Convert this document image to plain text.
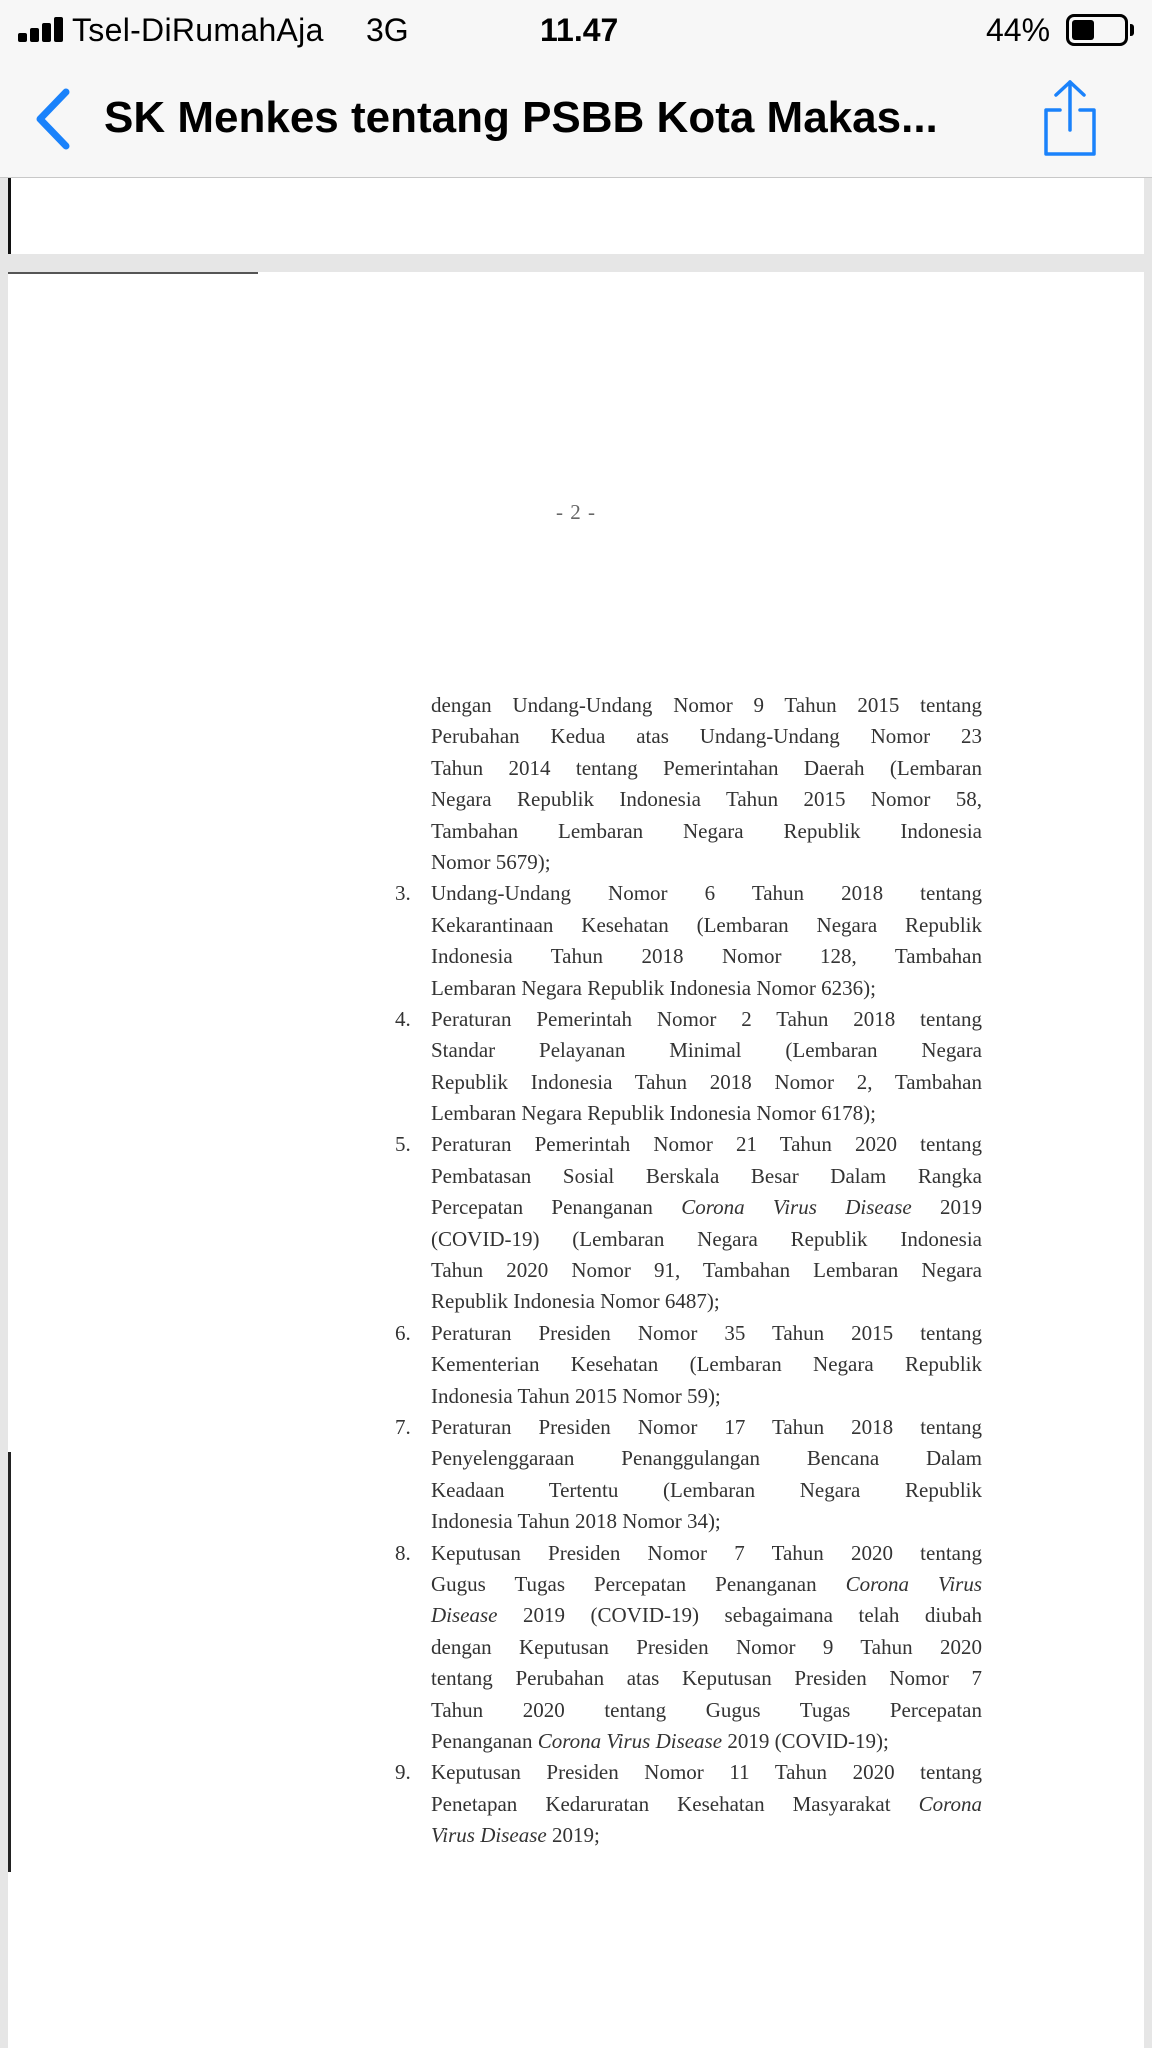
Tsel-DiRumahAja 3G	11.47	44%
SK Menkes tentang PSBB Kota Makas...
- 2 -
dengan Undang-Undang Nomor 9 Tahun 2015 tentang
Perubahan Kedua atas Undang-Undang Nomor 23
Tahun 2014 tentang Pemerintahan Daerah (Lembaran
Negara Republik Indonesia Tahun 2015 Nomor 58,
Tambahan Lembaran Negara Republik Indonesia
Nomor 5679);
3. Undang-Undang Nomor 6 Tahun 2018 tentang
Kekarantinaan Kesehatan (Lembaran Negara Republik
Indonesia Tahun 2018 Nomor 128, Tambahan
Lembaran Negara Republik Indonesia Nomor 6236);
4. Peraturan Pemerintah Nomor 2 Tahun 2018 tentang
Standar Pelayanan Minimal (Lembaran Negara
Republik Indonesia Tahun 2018 Nomor 2, Tambahan
Lembaran Negara Republik Indonesia Nomor 6178);
5. Peraturan Pemerintah Nomor 21 Tahun 2020 tentang
Pembatasan Sosial Berskala Besar Dalam Rangka
Percepatan Penanganan Corona Virus Disease 2019
(COVID-19) (Lembaran Negara Republik Indonesia
Tahun 2020 Nomor 91, Tambahan Lembaran Negara
Republik Indonesia Nomor 6487);
6. Peraturan Presiden Nomor 35 Tahun 2015 tentang
Kementerian Kesehatan (Lembaran Negara Republik
Indonesia Tahun 2015 Nomor 59);
7. Peraturan Presiden Nomor 17 Tahun 2018 tentang
Penyelenggaraan Penanggulangan Bencana Dalam
Keadaan Tertentu (Lembaran Negara Republik
Indonesia Tahun 2018 Nomor 34);
8. Keputusan Presiden Nomor 7 Tahun 2020 tentang
Gugus Tugas Percepatan Penanganan Corona Virus
Disease 2019 (COVID-19) sebagaimana telah diubah
dengan Keputusan Presiden Nomor 9 Tahun 2020
tentang Perubahan atas Keputusan Presiden Nomor 7
Tahun 2020 tentang Gugus Tugas Percepatan
Penanganan Corona Virus Disease 2019 (COVID-19);
9. Keputusan Presiden Nomor 11 Tahun 2020 tentang
Penetapan Kedaruratan Kesehatan Masyarakat Corona
Virus Disease 2019;
